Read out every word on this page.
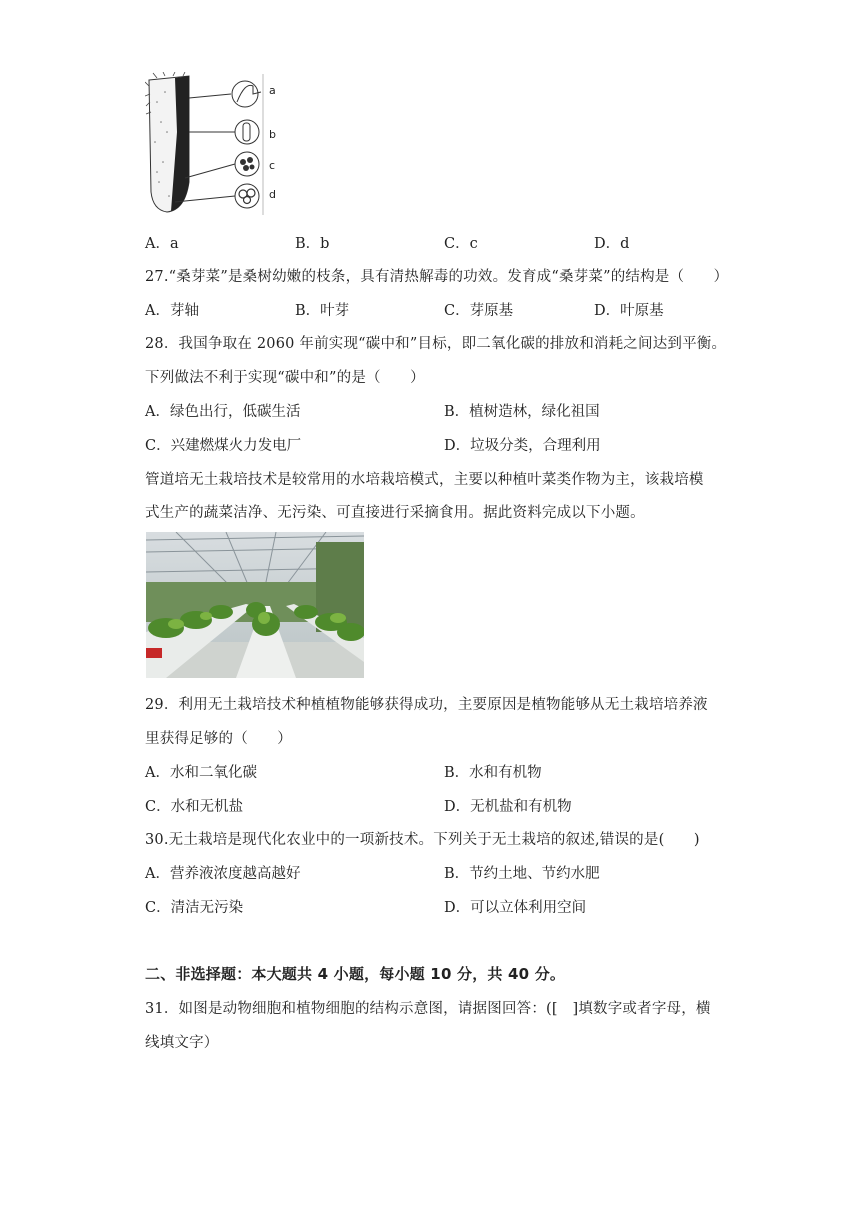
a
b
c
d
A．a	B．b	C．c	D．d
27.“桑芽菜”是桑树幼嫩的枝条，具有清热解毒的功效。发育成“桑芽菜”的结构是（　　）
A．芽轴	B．叶芽	C．芽原基	D．叶原基
28．我国争取在 2060 年前实现“碳中和”目标，即二氧化碳的排放和消耗之间达到平衡。
下列做法不利于实现“碳中和”的是（　　）
A．绿色出行，低碳生活	B．植树造林，绿化祖国
C．兴建燃煤火力发电厂	D．垃圾分类，合理利用
管道培无土栽培技术是较常用的水培栽培模式，主要以种植叶菜类作物为主，该栽培模
式生产的蔬菜洁净、无污染、可直接进行采摘食用。据此资料完成以下小题。
29．利用无土栽培技术种植植物能够获得成功，主要原因是植物能够从无土栽培培养液
里获得足够的（　　）
A．水和二氧化碳	B．水和有机物
C．水和无机盐	D．无机盐和有机物
30.无土栽培是现代化农业中的一项新技术。下列关于无土栽培的叙述,错误的是(　　)
A．营养液浓度越高越好	B．节约土地、节约水肥
C．清洁无污染	D．可以立体利用空间
二、非选择题：本大题共 4 小题，每小题 10 分，共 40 分。
31．如图是动物细胞和植物细胞的结构示意图，请据图回答：([　]填数字或者字母，横
线填文字）
